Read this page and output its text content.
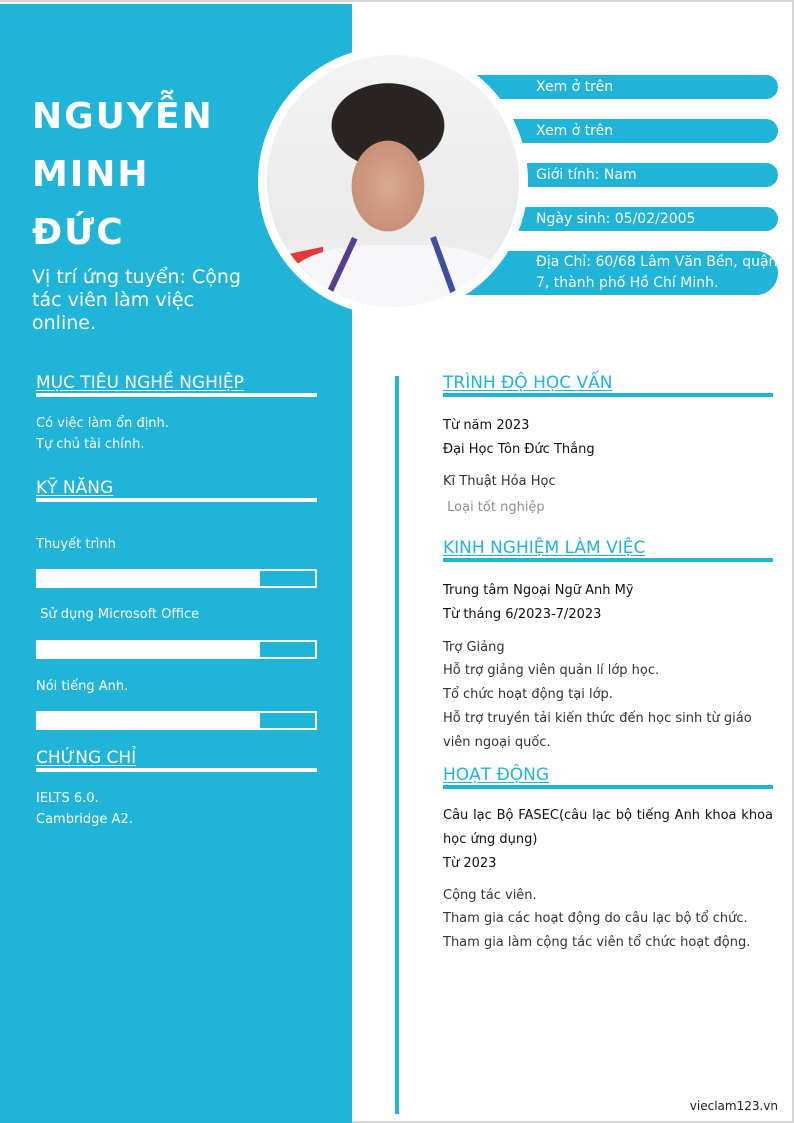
NGUYỄN
MINH
ĐỨC
Vị trí ứng tuyển: Cộng tác viên làm việc online.
Xem ở trên
Xem ở trên
Giới tính: Nam
Ngày sinh: 05/02/2005
Địa Chỉ: 60/68 Lâm Văn Bền, quận
7, thành phố Hồ Chí Minh.
MỤC TIÊU NGHỀ NGHIỆP
Có việc làm ổn định.
Tự chủ tài chính.
KỸ NĂNG
Thuyết trình
Sử dụng Microsoft Office
Nói tiếng Anh.
CHỨNG CHỈ
IELTS 6.0.
Cambridge A2.
TRÌNH ĐỘ HỌC VẤN
Từ năm 2023
Đại Học Tôn Đức Thắng
Kĩ Thuật Hóa Học
Loại tốt nghiệp
KINH NGHIỆM LÀM VIỆC
Trung tâm Ngoại Ngữ Anh Mỹ
Từ tháng 6/2023-7/2023
Trợ Giảng
Hỗ trợ giảng viên quản lí lớp học.
Tổ chức hoạt động tại lớp.
Hỗ trợ truyền tải kiến thức đến học sinh từ giáo viên ngoại quốc.
HOẠT ĐỘNG
Câu lạc Bộ FASEC(câu lạc bộ tiếng Anh khoa khoa học ứng dụng)
Từ 2023
Cộng tác viên.
Tham gia các hoạt động do câu lạc bộ tổ chức.
Tham gia làm cộng tác viên tổ chức hoạt động.
vieclam123.vn
